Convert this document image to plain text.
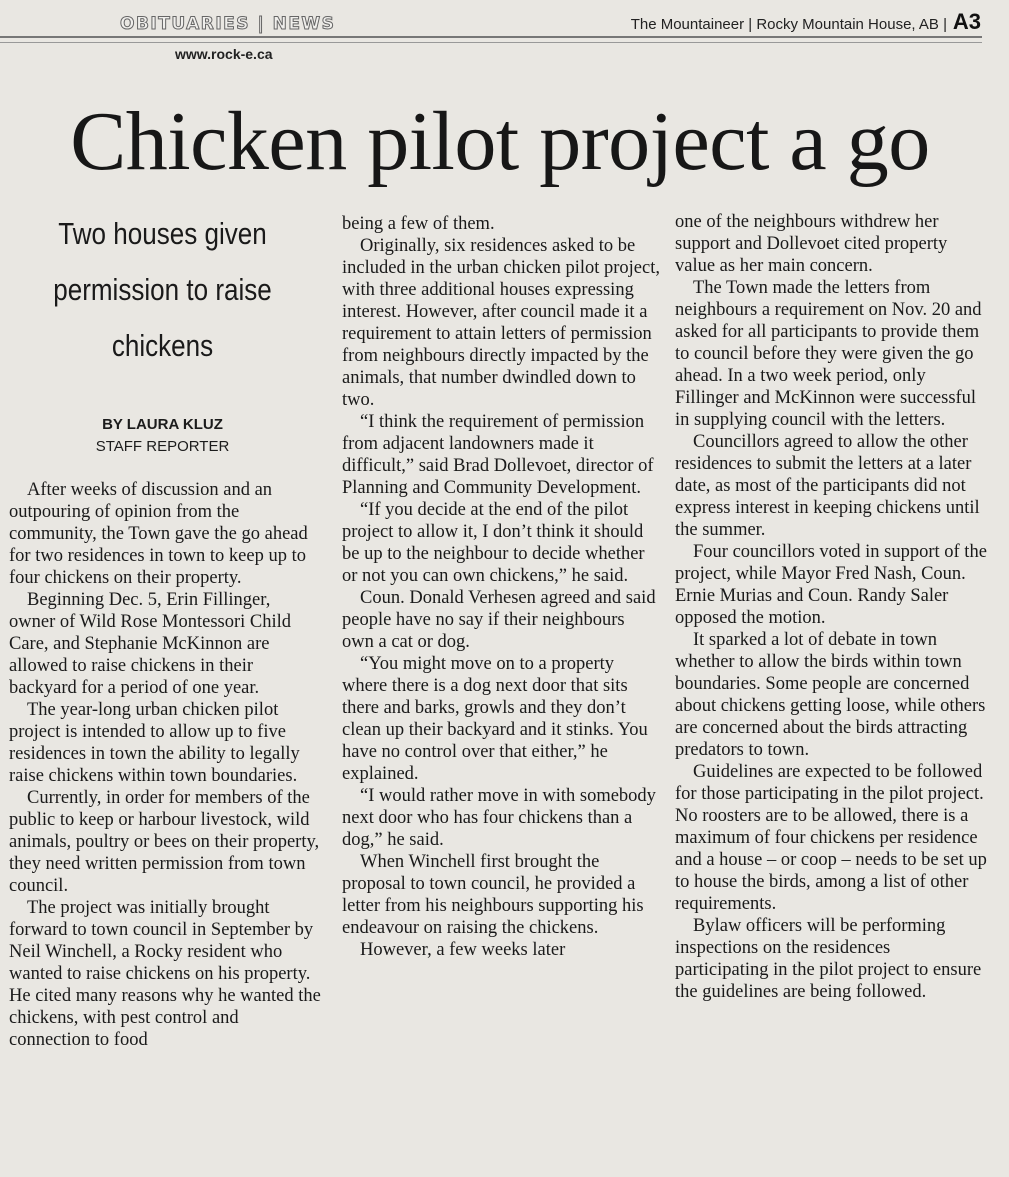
OBITUARIES | NEWS	The Mountaineer | Rocky Mountain House, AB | A3
www.rock-e.ca
Chicken pilot project a go
Two houses given permission to raise chickens
BY LAURA KLUZ
STAFF REPORTER

After weeks of discussion and an outpouring of opinion from the community, the Town gave the go ahead for two residences in town to keep up to four chickens on their property.

Beginning Dec. 5, Erin Fillinger, owner of Wild Rose Montessori Child Care, and Stephanie McKinnon are allowed to raise chickens in their backyard for a period of one year.

The year-long urban chicken pilot project is intended to allow up to five residences in town the ability to legally raise chickens within town boundaries.

Currently, in order for members of the public to keep or harbour livestock, wild animals, poultry or bees on their property, they need written permission from town council.

The project was initially brought forward to town council in September by Neil Winchell, a Rocky resident who wanted to raise chickens on his property. He cited many reasons why he wanted the chickens, with pest control and connection to food

being a few of them.

Originally, six residences asked to be included in the urban chicken pilot project, with three additional houses expressing interest. However, after council made it a requirement to attain letters of permission from neighbours directly impacted by the animals, that number dwindled down to two.

“I think the requirement of permission from adjacent landowners made it difficult,” said Brad Dollevoet, director of Planning and Community Development.

“If you decide at the end of the pilot project to allow it, I don’t think it should be up to the neighbour to decide whether or not you can own chickens,” he said.

Coun. Donald Verhesen agreed and said people have no say if their neighbours own a cat or dog.

“You might move on to a property where there is a dog next door that sits there and barks, growls and they don’t clean up their backyard and it stinks. You have no control over that either,” he explained.

“I would rather move in with somebody next door who has four chickens than a dog,” he said.

When Winchell first brought the proposal to town council, he provided a letter from his neighbours supporting his endeavour on raising the chickens.

However, a few weeks later

one of the neighbours withdrew her support and Dollevoet cited property value as her main concern.

The Town made the letters from neighbours a requirement on Nov. 20 and asked for all participants to provide them to council before they were given the go ahead. In a two week period, only Fillinger and McKinnon were successful in supplying council with the letters.

Councillors agreed to allow the other residences to submit the letters at a later date, as most of the participants did not express interest in keeping chickens until the summer.

Four councillors voted in support of the project, while Mayor Fred Nash, Coun. Ernie Murias and Coun. Randy Saler opposed the motion.

It sparked a lot of debate in town whether to allow the birds within town boundaries. Some people are concerned about chickens getting loose, while others are concerned about the birds attracting predators to town.

Guidelines are expected to be followed for those participating in the pilot project. No roosters are to be allowed, there is a maximum of four chickens per residence and a house – or coop – needs to be set up to house the birds, among a list of other requirements.

Bylaw officers will be performing inspections on the residences participating in the pilot project to ensure the guidelines are being followed.
